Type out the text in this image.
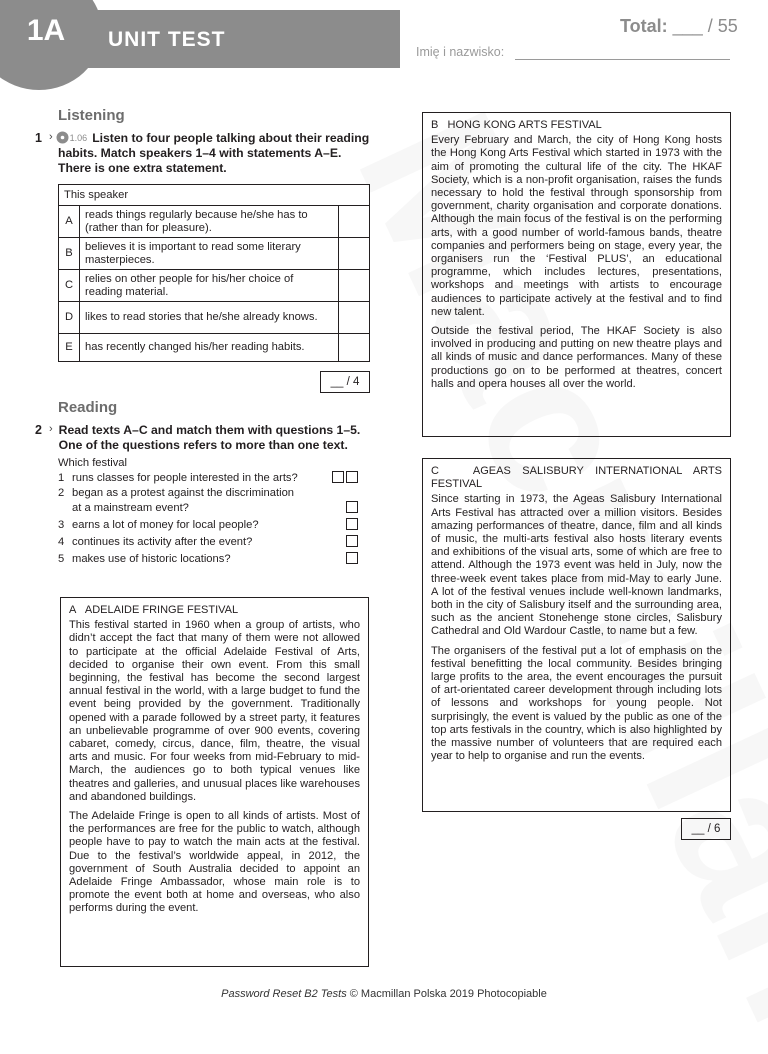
1A UNIT TEST
Total: ___ / 55
Imię i nazwisko:
Listening
1 › 1.06 Listen to four people talking about their reading
habits. Match speakers 1–4 with statements A–E.
There is one extra statement.
This speaker		
A	reads things regularly because he/she has to (rather than for pleasure).	
B	believes it is important to read some literary masterpieces.	
C	relies on other people for his/her choice of reading material.	
D	likes to read stories that he/she already knows.	
E	has recently changed his/her reading habits.	
__ / 4
Reading
2 › Read texts A–C and match them with questions 1–5.
One of the questions refers to more than one text.
Which festival
1 runs classes for people interested in the arts?
2 began as a protest against the discrimination
at a mainstream event?
3 earns a lot of money for local people?
4 continues its activity after the event?
5 makes use of historic locations?
A ADELAIDE FRINGE FESTIVAL

This festival started in 1960 when a group of artists, who didn’t accept the fact that many of them were not allowed to participate at the official Adelaide Festival of Arts, decided to organise their own event. From this small beginning, the festival has become the second largest annual festival in the world, with a large budget to fund the event being provided by the government. Traditionally opened with a parade followed by a street party, it features an unbelievable programme of over 900 events, covering cabaret, comedy, circus, dance, film, theatre, the visual arts and music. For four weeks from mid-February to mid-March, the audiences go to both typical venues like theatres and galleries, and unusual places like warehouses and abandoned buildings.

The Adelaide Fringe is open to all kinds of artists. Most of the performances are free for the public to watch, although people have to pay to watch the main acts at the festival. Due to the festival’s worldwide appeal, in 2012, the government of South Australia decided to appoint an Adelaide Fringe Ambassador, whose main role is to promote the event both at home and overseas, who also performs during the event.

B HONG KONG ARTS FESTIVAL

Every February and March, the city of Hong Kong hosts the Hong Kong Arts Festival which started in 1973 with the aim of promoting the cultural life of the city. The HKAF Society, which is a non-profit organisation, raises the funds necessary to hold the festival through sponsorship from government, charity organisation and corporate donations. Although the main focus of the festival is on the performing arts, with a good number of world-famous bands, theatre companies and performers being on stage, every year, the organisers run the ‘Festival PLUS’, an educational programme, which includes lectures, presentations, workshops and meetings with artists to encourage audiences to participate actively at the festival and to find new talent.

Outside the festival period, The HKAF Society is also involved in producing and putting on new theatre plays and all kinds of music and dance performances. Many of these productions go on to be performed at theatres, concert halls and opera houses all over the world.

C	AGEAS SALISBURY INTERNATIONAL ARTS FESTIVAL

Since starting in 1973, the Ageas Salisbury International Arts Festival has attracted over a million visitors. Besides amazing performances of theatre, dance, film and all kinds of music, the multi-arts festival also hosts literary events and exhibitions of the visual arts, some of which are free to attend. Although the 1973 event was held in July, now the three-week event takes place from mid-May to early June. A lot of the festival venues include well-known landmarks, both in the city of Salisbury itself and the surrounding area, such as the ancient Stonehenge stone circles, Salisbury Cathedral and Old Wardour Castle, to name but a few.

The organisers of the festival put a lot of emphasis on the festival benefitting the local community. Besides bringing large profits to the area, the event encourages the pursuit of art-orientated career development through including lots of lessons and workshops for young people. Not surprisingly, the event is valued by the public as one of the top arts festivals in the country, which is also highlighted by the massive number of volunteers that are required each year to help to organise and run the events.

__ / 6
Password Reset B2 Tests © Macmillan Polska 2019 Photocopiable
